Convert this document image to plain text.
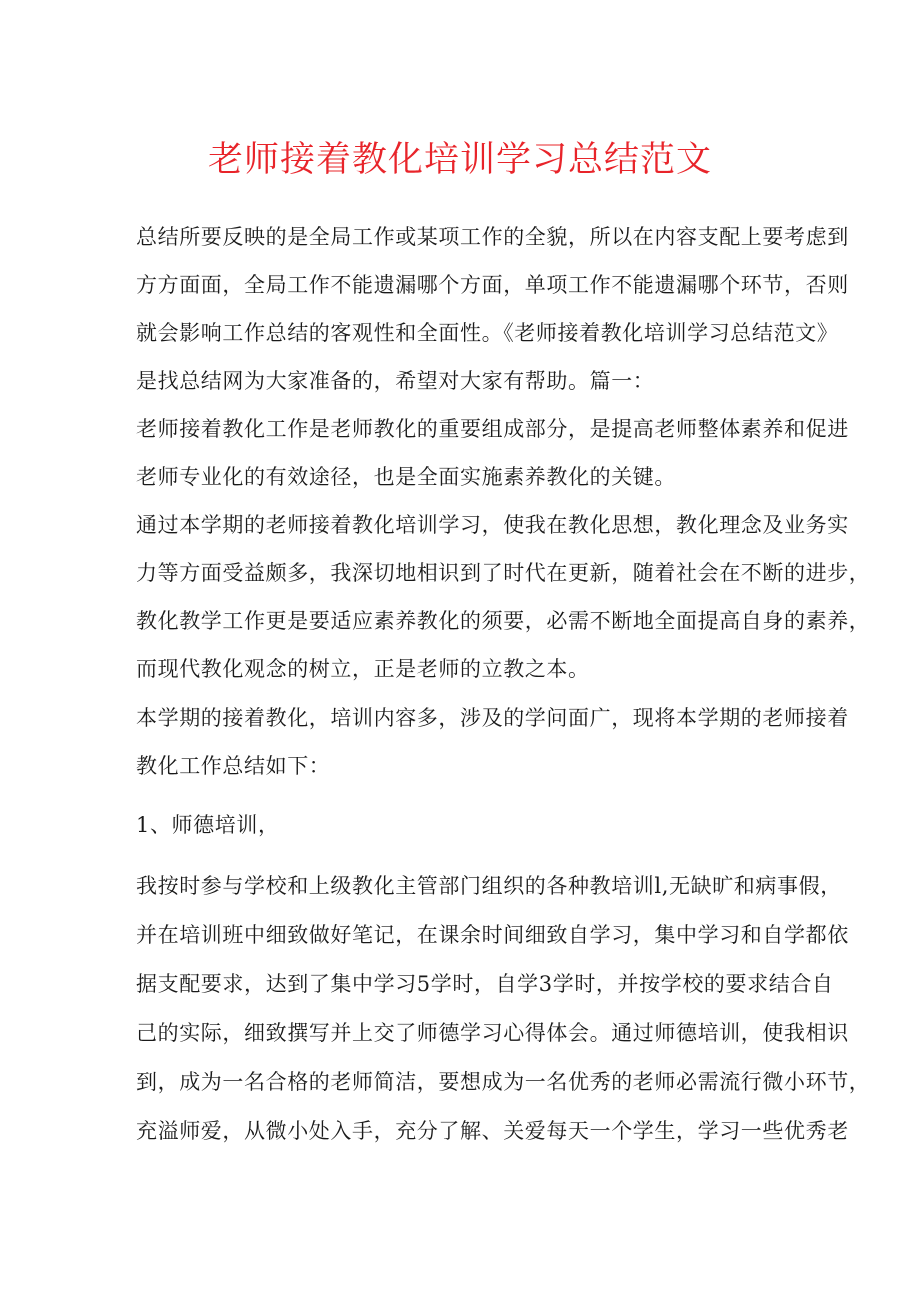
老师接着教化培训学习总结范文
总结所要反映的是全局工作或某项工作的全貌，所以在内容支配上要考虑到
方方面面，全局工作不能遗漏哪个方面，单项工作不能遗漏哪个环节，否则
就会影响工作总结的客观性和全面性。《老师接着教化培训学习总结范文》
是找总结网为大家准备的，希望对大家有帮助。篇一：
老师接着教化工作是老师教化的重要组成部分，是提高老师整体素养和促进
老师专业化的有效途径，也是全面实施素养教化的关键。
通过本学期的老师接着教化培训学习，使我在教化思想，教化理念及业务实
力等方面受益颇多，我深切地相识到了时代在更新，随着社会在不断的进步，
教化教学工作更是要适应素养教化的须要，必需不断地全面提高自身的素养，
而现代教化观念的树立，正是老师的立教之本。
本学期的接着教化，培训内容多，涉及的学问面广，现将本学期的老师接着
教化工作总结如下：
1、师德培训，
我按时参与学校和上级教化主管部门组织的各种教培训l,无缺旷和病事假，
并在培训班中细致做好笔记，在课余时间细致自学习，集中学习和自学都依
据支配要求，达到了集中学习5学时，自学3学时，并按学校的要求结合自
己的实际，细致撰写并上交了师德学习心得体会。通过师德培训，使我相识
到，成为一名合格的老师简洁，要想成为一名优秀的老师必需流行微小环节，
充溢师爱，从微小处入手，充分了解、关爱每天一个学生，学习一些优秀老
